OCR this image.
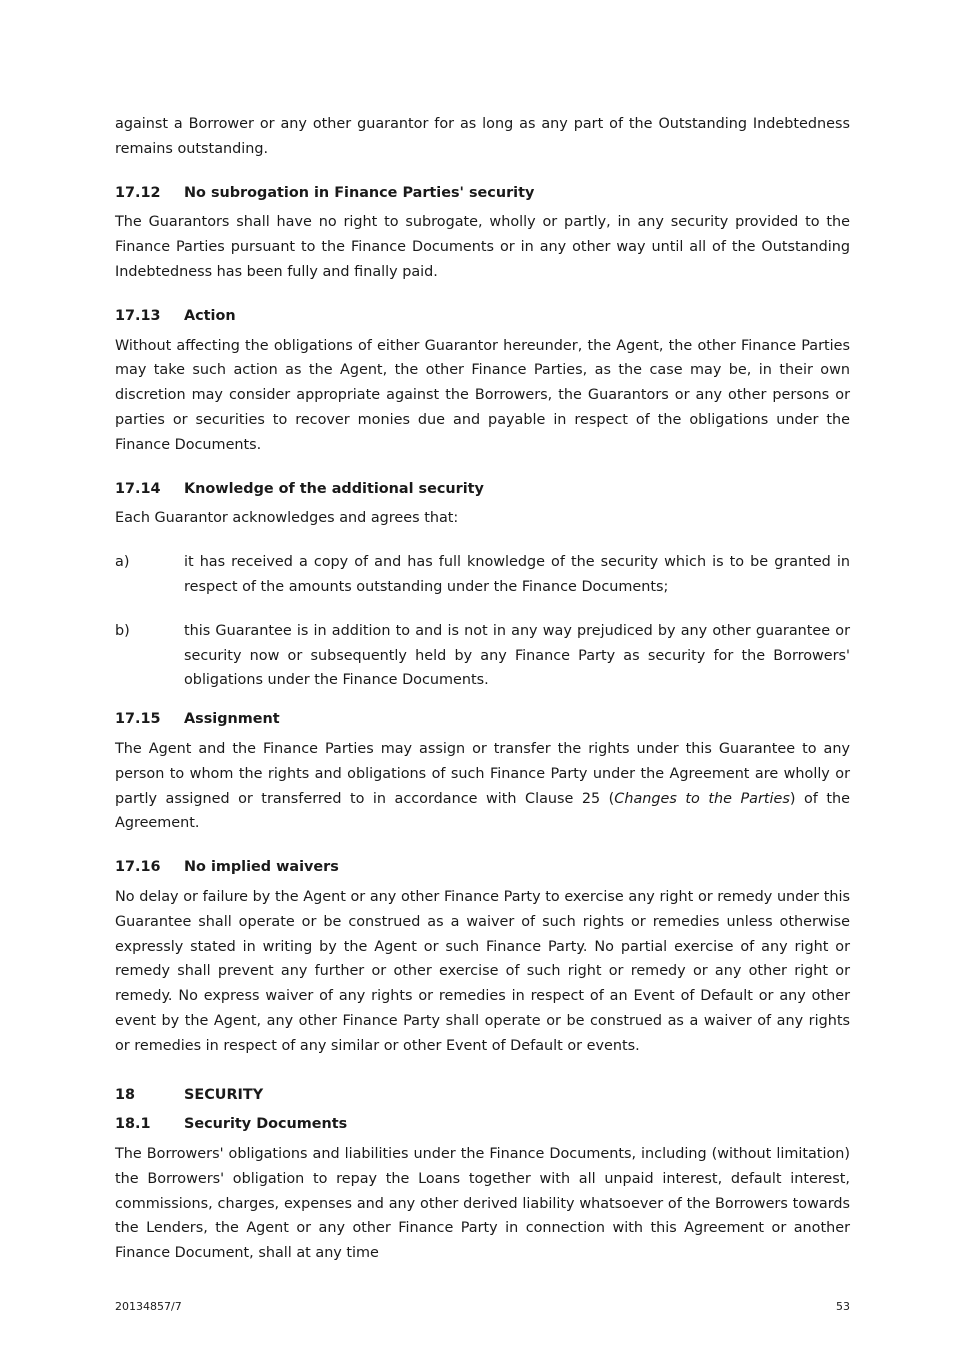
against a Borrower or any other guarantor for as long as any part of the Outstanding Indebtedness remains outstanding.

17.12	No subrogation in Finance Parties' security

The Guarantors shall have no right to subrogate, wholly or partly, in any security provided to the Finance Parties pursuant to the Finance Documents or in any other way until all of the Outstanding Indebtedness has been fully and finally paid.

17.13	Action

Without affecting the obligations of either Guarantor hereunder, the Agent, the other Finance Parties may take such action as the Agent, the other Finance Parties, as the case may be, in their own discretion may consider appropriate against the Borrowers, the Guarantors or any other persons or parties or securities to recover monies due and payable in respect of the obligations under the Finance Documents.

17.14	Knowledge of the additional security

Each Guarantor acknowledges and agrees that:

a)	it has received a copy of and has full knowledge of the security which is to be granted in respect of the amounts outstanding under the Finance Documents;
b)	this Guarantee is in addition to and is not in any way prejudiced by any other guarantee or security now or subsequently held by any Finance Party as security for the Borrowers' obligations under the Finance Documents.
17.15	Assignment

The Agent and the Finance Parties may assign or transfer the rights under this Guarantee to any person to whom the rights and obligations of such Finance Party under the Agreement are wholly or partly assigned or transferred to in accordance with Clause 25 (Changes to the Parties) of the Agreement.

17.16	No implied waivers

No delay or failure by the Agent or any other Finance Party to exercise any right or remedy under this Guarantee shall operate or be construed as a waiver of such rights or remedies unless otherwise expressly stated in writing by the Agent or such Finance Party. No partial exercise of any right or remedy shall prevent any further or other exercise of such right or remedy or any other right or remedy. No express waiver of any rights or remedies in respect of an Event of Default or any other event by the Agent, any other Finance Party shall operate or be construed as a waiver of any rights or remedies in respect of any similar or other Event of Default or events.

18	SECURITY
18.1	Security Documents

The Borrowers' obligations and liabilities under the Finance Documents, including (without limitation) the Borrowers' obligation to repay the Loans together with all unpaid interest, default interest, commissions, charges, expenses and any other derived liability whatsoever of the Borrowers towards the Lenders, the Agent or any other Finance Party in connection with this Agreement or another Finance Document, shall at any time

20134857/7	53
